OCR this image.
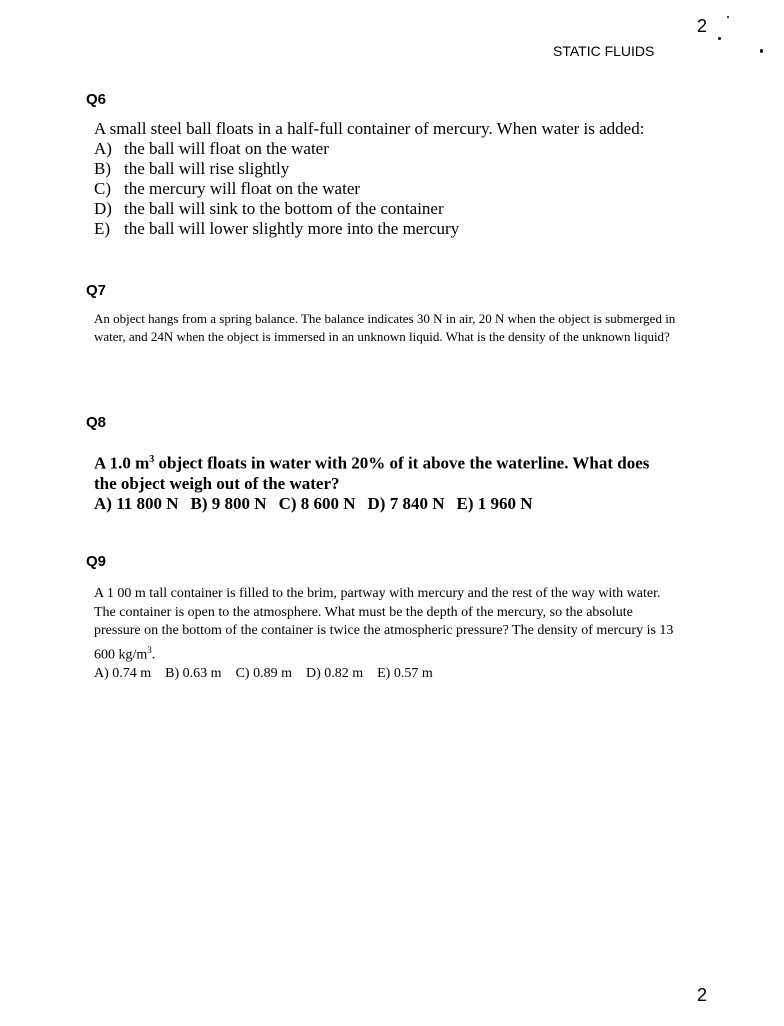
2
STATIC FLUIDS
Q6
A small steel ball floats in a half-full container of mercury. When water is added:
A) the ball will float on the water
B) the ball will rise slightly
C) the mercury will float on the water
D) the ball will sink to the bottom of the container
E) the ball will lower slightly more into the mercury
Q7
An object hangs from a spring balance. The balance indicates 30 N in air, 20 N when the object is submerged in water, and 24N when the object is immersed in an unknown liquid. What is the density of the unknown liquid?
Q8
A 1.0 $m^3$ object floats in water with 20% of it above the waterline. What does the object weigh out of the water?
A) 11 800 N B) 9 800 N C) 8 600 N D) 7 840 N E) 1 960 N
Q9
A 1 00 m tall container is filled to the brim, partway with mercury and the rest of the way with water. The container is open to the atmosphere. What must be the depth of the mercury, so the absolute pressure on the bottom of the container is twice the atmospheric pressure? The density of mercury is 13 600 $kg/m^3$.
A) 0.74 m B) 0.63 m C) 0.89 m D) 0.82 m E) 0.57 m
2
